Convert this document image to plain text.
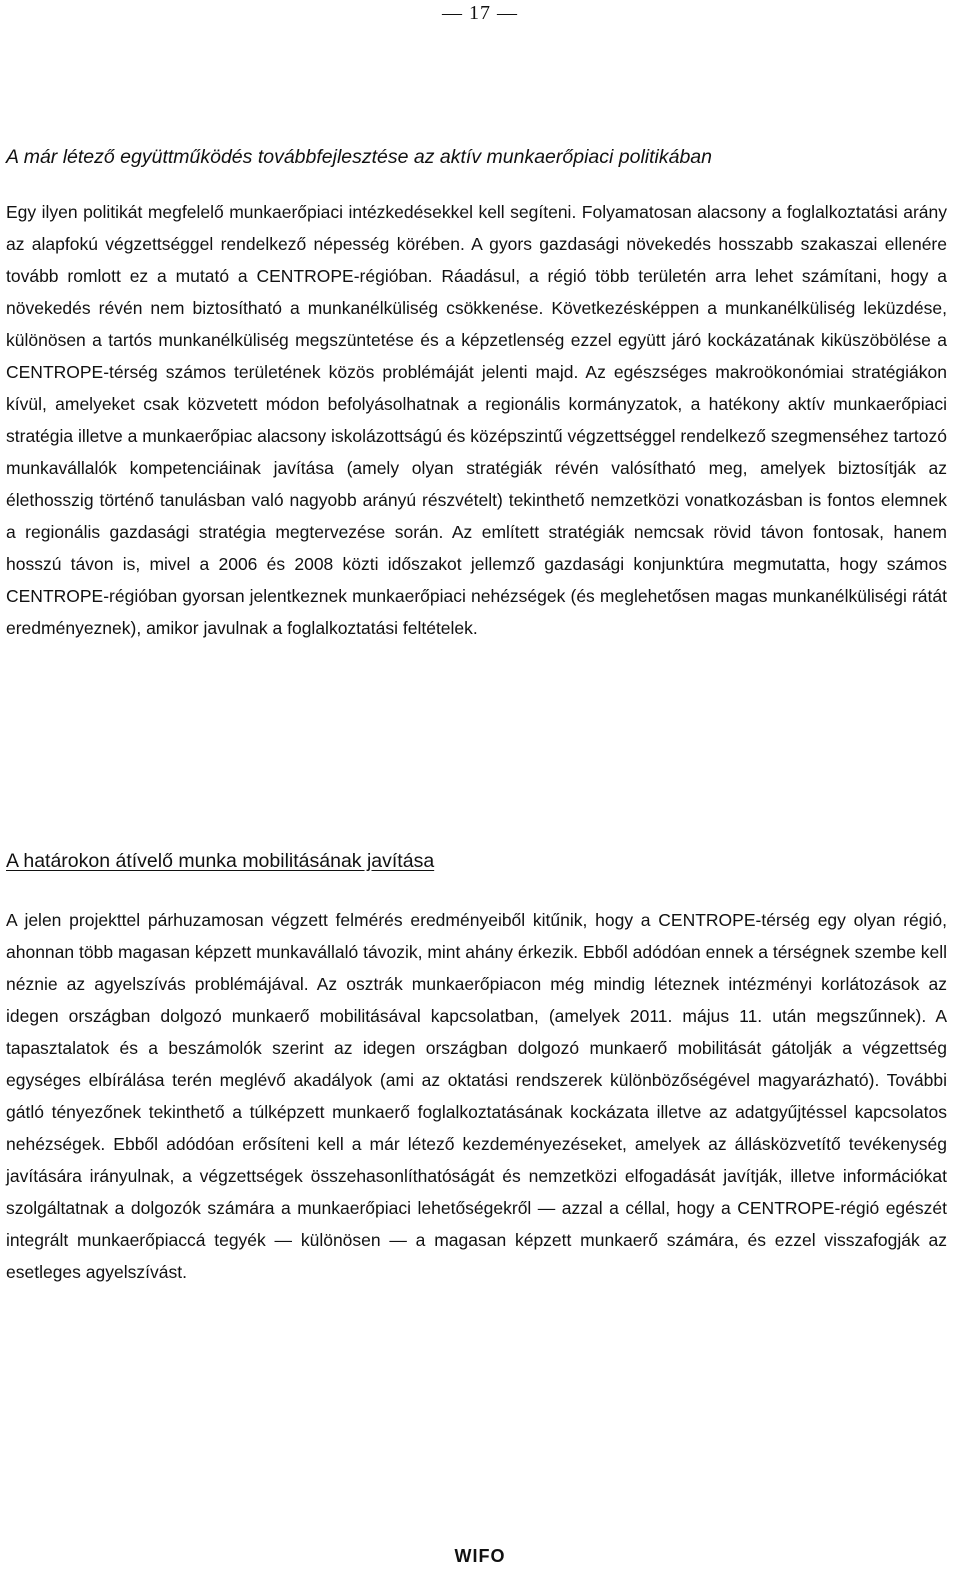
— 17 —
A már létező együttműködés továbbfejlesztése az aktív munkaerőpiaci politikában

Egy ilyen politikát megfelelő munkaerőpiaci intézkedésekkel kell segíteni. Folyamatosan alacsony a foglalkoztatási arány az alapfokú végzettséggel rendelkező népesség körében. A gyors gazdasági növekedés hosszabb szakaszai ellenére tovább romlott ez a mutató a CENTROPE-régióban. Ráadásul, a régió több területén arra lehet számítani, hogy a növekedés révén nem biztosítható a munkanélküliség csökkenése. Következésképpen a munkanélküliség leküzdése, különösen a tartós munkanélküliség megszüntetése és a képzetlenség ezzel együtt járó kockázatának kiküszöbölése a CENTROPE-térség számos területének közös problémáját jelenti majd. Az egészséges makroökonómiai stratégiákon kívül, amelyeket csak közvetett módon befolyásolhatnak a regionális kormányzatok, a hatékony aktív munkaerőpiaci stratégia illetve a munkaerőpiac alacsony iskolázottságú és középszintű végzettséggel rendelkező szegmenséhez tartozó munkavállalók kompetenciáinak javítása (amely olyan stratégiák révén valósítható meg, amelyek biztosítják az élethosszig történő tanulásban való nagyobb arányú részvételt) tekinthető nemzetközi vonatkozásban is fontos elemnek a regionális gazdasági stratégia megtervezése során. Az említett stratégiák nemcsak rövid távon fontosak, hanem hosszú távon is, mivel a 2006 és 2008 közti időszakot jellemző gazdasági konjunktúra megmutatta, hogy számos CENTROPE-régióban gyorsan jelentkeznek munkaerőpiaci nehézségek (és meglehetősen magas munkanélküliségi rátát eredményeznek), amikor javulnak a foglalkoztatási feltételek.

A határokon átívelő munka mobilitásának javítása

A jelen projekttel párhuzamosan végzett felmérés eredményeiből kitűnik, hogy a CENTROPE-térség egy olyan régió, ahonnan több magasan képzett munkavállaló távozik, mint ahány érkezik. Ebből adódóan ennek a térségnek szembe kell néznie az agyelszívás problémájával. Az osztrák munkaerőpiacon még mindig léteznek intézményi korlátozások az idegen országban dolgozó munkaerő mobilitásával kapcsolatban, (amelyek 2011. május 11. után megszűnnek). A tapasztalatok és a beszámolók szerint az idegen országban dolgozó munkaerő mobilitását gátolják a végzettség egységes elbírálása terén meglévő akadályok (ami az oktatási rendszerek különbözőségével magyarázható). További gátló tényezőnek tekinthető a túlképzett munkaerő foglalkoztatásának kockázata illetve az adatgyűjtéssel kapcsolatos nehézségek. Ebből adódóan erősíteni kell a már létező kezdeményezéseket, amelyek az állásközvetítő tevékenység javítására irányulnak, a végzettségek összehasonlíthatóságát és nemzetközi elfogadását javítják, illetve információkat szolgáltatnak a dolgozók számára a munkaerőpiaci lehetőségekről — azzal a céllal, hogy a CENTROPE-régió egészét integrált munkaerőpiaccá tegyék — különösen — a magasan képzett munkaerő számára, és ezzel visszafogják az esetleges agyelszívást.

WIFO
